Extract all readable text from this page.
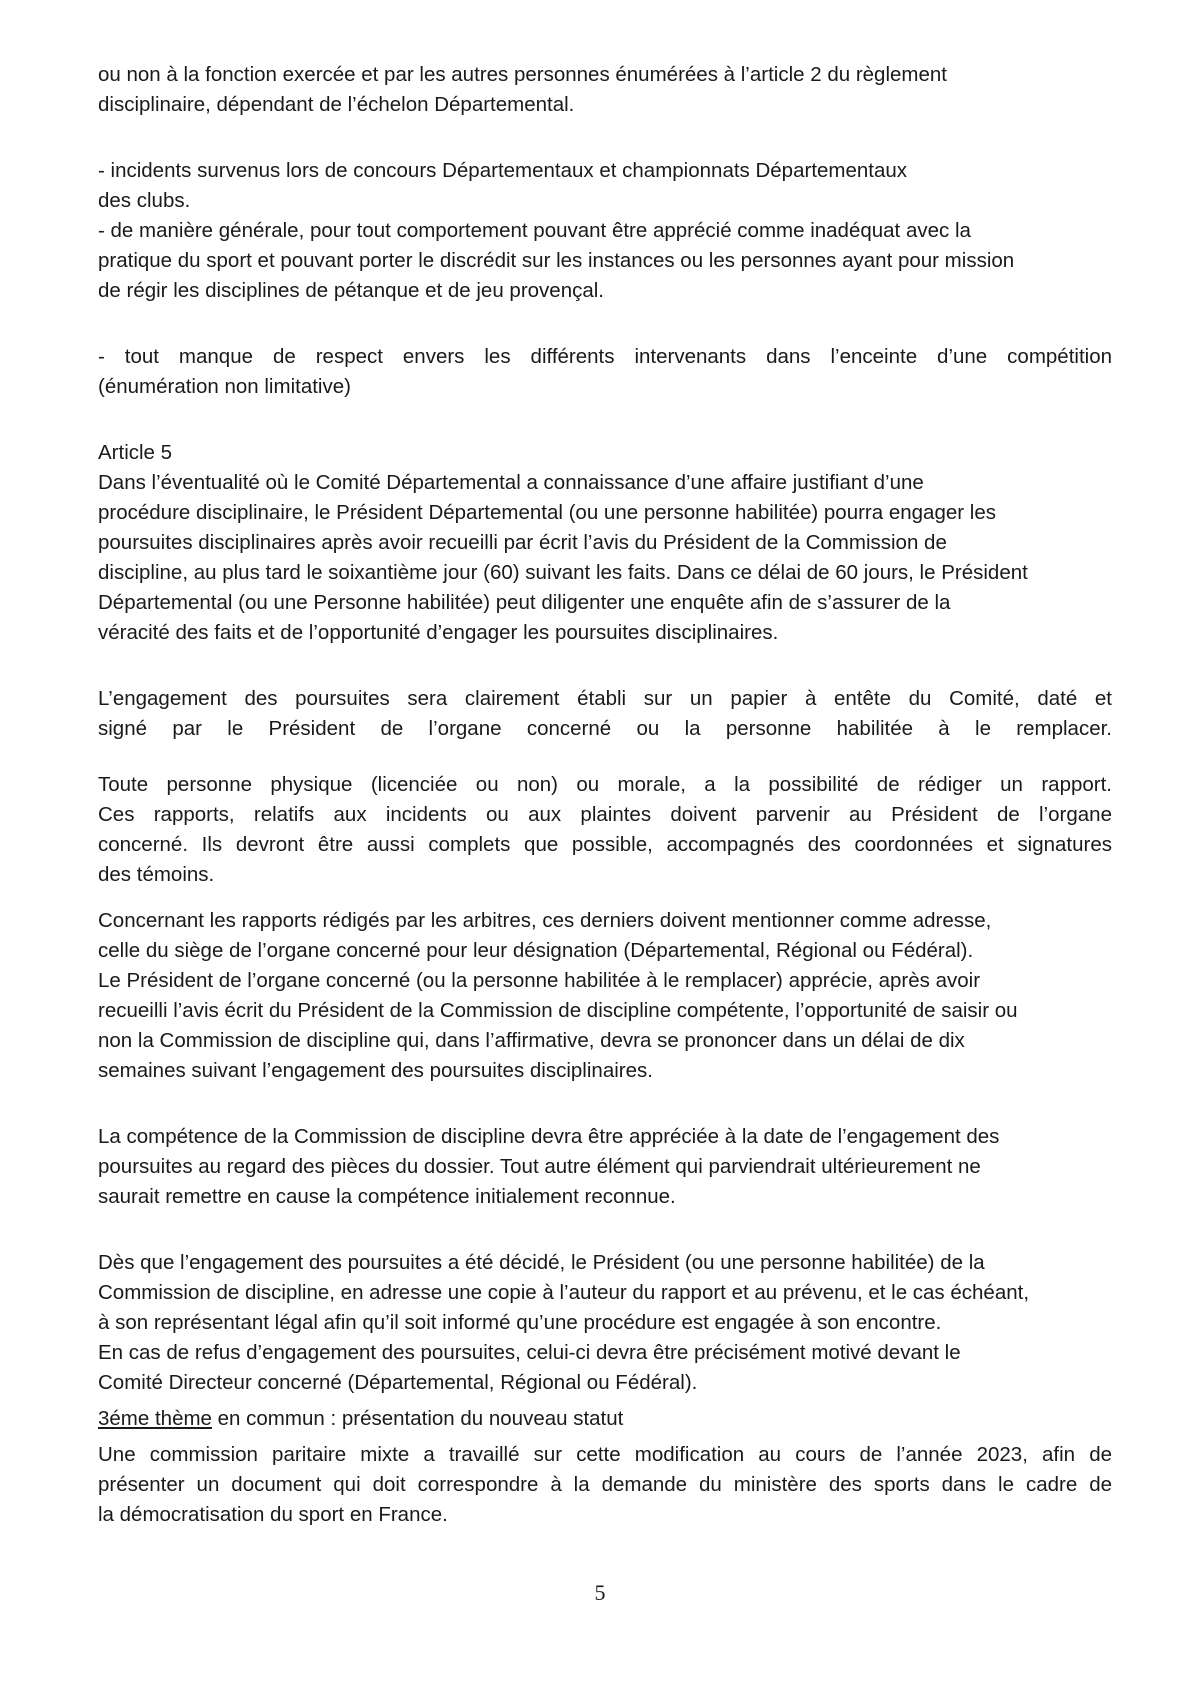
ou non à la fonction exercée et par les autres personnes énumérées à l’article 2 du règlement
disciplinaire, dépendant de l’échelon Départemental.
- incidents survenus lors de concours Départementaux et championnats Départementaux
des clubs.
- de manière générale, pour tout comportement pouvant être apprécié comme inadéquat avec la
pratique du sport et pouvant porter le discrédit sur les instances ou les personnes ayant pour mission
de régir les disciplines de pétanque et de jeu provençal.
- tout manque de respect envers les différents intervenants dans l’enceinte d’une compétition
(énumération non limitative)
Article 5
Dans l’éventualité où le Comité Départemental a connaissance d’une affaire justifiant d’une
procédure disciplinaire, le Président Départemental (ou une personne habilitée) pourra engager les
poursuites disciplinaires après avoir recueilli par écrit l’avis du Président de la Commission de
discipline, au plus tard le soixantième jour (60) suivant les faits. Dans ce délai de 60 jours, le Président
Départemental (ou une Personne habilitée) peut diligenter une enquête afin de s’assurer de la
véracité des faits et de l’opportunité d’engager les poursuites disciplinaires.
L’engagement des poursuites sera clairement établi sur un papier à entête du Comité, daté et
signé par le Président de l’organe concerné ou la personne habilitée à le remplacer.
Toute personne physique (licenciée ou non) ou morale, a la possibilité de rédiger un rapport.
Ces rapports, relatifs aux incidents ou aux plaintes doivent parvenir au Président de l’organe
concerné. Ils devront être aussi complets que possible, accompagnés des coordonnées et signatures
des témoins.
Concernant les rapports rédigés par les arbitres, ces derniers doivent mentionner comme adresse,
celle du siège de l’organe concerné pour leur désignation (Départemental, Régional ou Fédéral).
Le Président de l’organe concerné (ou la personne habilitée à le remplacer) apprécie, après avoir
recueilli l’avis écrit du Président de la Commission de discipline compétente, l’opportunité de saisir ou
non la Commission de discipline qui, dans l’affirmative, devra se prononcer dans un délai de dix
semaines suivant l’engagement des poursuites disciplinaires.
La compétence de la Commission de discipline devra être appréciée à la date de l’engagement des
poursuites au regard des pièces du dossier. Tout autre élément qui parviendrait ultérieurement ne
saurait remettre en cause la compétence initialement reconnue.
Dès que l’engagement des poursuites a été décidé, le Président (ou une personne habilitée) de la
Commission de discipline, en adresse une copie à l’auteur du rapport et au prévenu, et le cas échéant,
à son représentant légal afin qu’il soit informé qu’une procédure est engagée à son encontre.
En cas de refus d’engagement des poursuites, celui-ci devra être précisément motivé devant le
Comité Directeur concerné (Départemental, Régional ou Fédéral).
3éme thème en commun : présentation du nouveau statut
Une commission paritaire mixte a travaillé sur cette modification au cours de l’année 2023, afin de
présenter un document qui doit correspondre à la demande du ministère des sports dans le cadre de
la démocratisation du sport en France.
5
